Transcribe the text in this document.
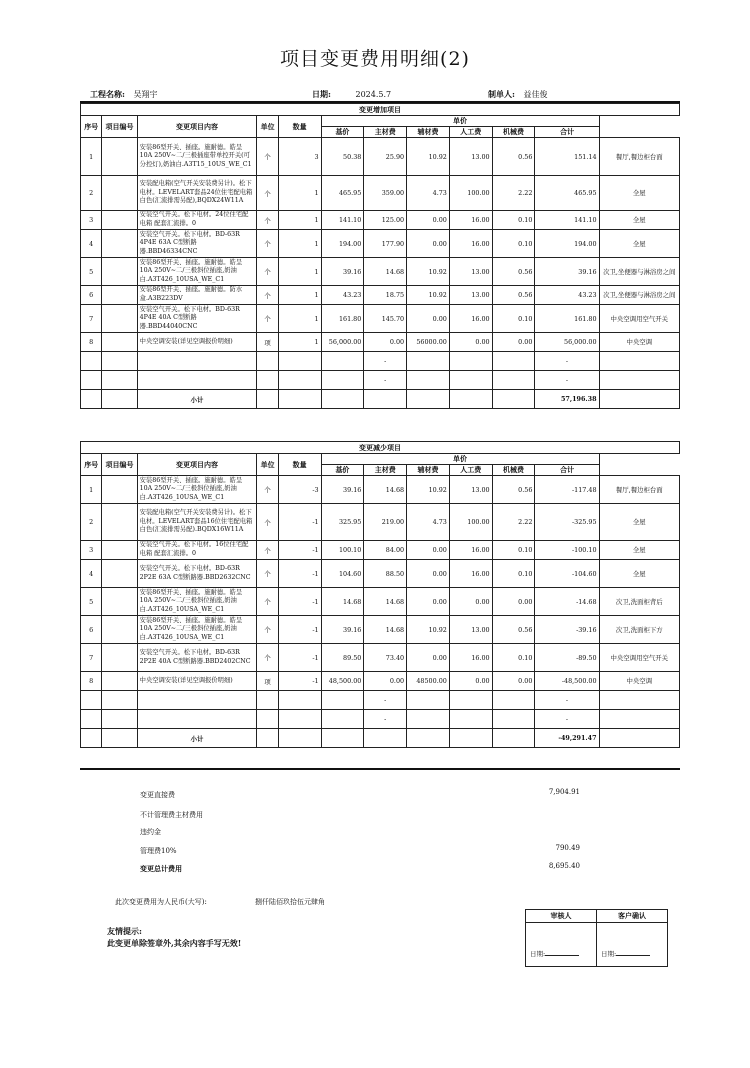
项目变更费用明细(2)
工程名称: 吴翔宇	日期:	2024.5.7	制单人: 益佳俊
变更增加项目											
序号	项目编号	变更项目内容	单位	数量	单价						
					基价	主材费	辅材费	人工费	机械费	合计	
1		安装86型开关、插座。施耐德。皓呈10A 250V~二/三极插座带单控开关(可分控灯),奶油白.A3T15_10US_WE_C1	个	3	50.38	25.90	10.92	13.00	0.56	151.14	餐厅,餐边柜台面
2		安装配电箱(空气开关安装费另计)。松下电材。LEVELART套品24位住宅配电箱 白色(汇流排需另配),BQDX24W11A	个	1	465.95	359.00	4.73	100.00	2.22	465.95	全屋
3		安装空气开关。松下电材。24位住宅配电箱 配套汇流排。0	个	1	141.10	125.00	0.00	16.00	0.10	141.10	全屋
4		安装空气开关。松下电材。BD-63R 4P4E 63A C型断路器.BBD46334CNC	个	1	194.00	177.90	0.00	16.00	0.10	194.00	全屋
5		安装86型开关、插座。施耐德。皓呈10A 250V~二/三极斜位插座,奶油白.A3T426_10USA_WE_C1	个	1	39.16	14.68	10.92	13.00	0.56	39.16	次卫,坐便器与淋浴房之间
6		安装86型开关、插座。施耐德。防水盒.A3B223DV	个	1	43.23	18.75	10.92	13.00	0.56	43.23	次卫,坐便器与淋浴房之间
7		安装空气开关。松下电材。BD-63R 4P4E 40A C型断路器.BBD44040CNC	个	1	161.80	145.70	0.00	16.00	0.10	161.80	中央空调用空气开关
8		中央空调安装(详见空调报价明细)	项	1	56,000.00	0.00	56000.00	0.00	0.00	56,000.00	中央空调
						-				-	
						-				-	
		小计								57,196.38	
变更减少项目											
序号	项目编号	变更项目内容	单位	数量	单价						
					基价	主材费	辅材费	人工费	机械费	合计	
1		安装86型开关、插座。施耐德。皓呈10A 250V~二/三极斜位插座,奶油白.A3T426_10USA_WE_C1	个	-3	39.16	14.68	10.92	13.00	0.56	-117.48	餐厅,餐边柜台面
2		安装配电箱(空气开关安装费另计)。松下电材。LEVELART套品16位住宅配电箱 白色(汇流排需另配).BQDX16W11A	个	-1	325.95	219.00	4.73	100.00	2.22	-325.95	全屋
3		安装空气开关。松下电材。16位住宅配电箱 配套汇流排。0	个	-1	100.10	84.00	0.00	16.00	0.10	-100.10	全屋
4		安装空气开关。松下电材。BD-63R 2P2E 63A C型断路器.BBD2632CNC	个	-1	104.60	88.50	0.00	16.00	0.10	-104.60	全屋
5		安装86型开关、插座。施耐德。皓呈10A 250V~二/三极斜位插座,奶油白.A3T426_10USA_WE_C1	个	-1	14.68	14.68	0.00	0.00	0.00	-14.68	次卫,洗面柜背后
6		安装86型开关、插座。施耐德。皓呈10A 250V~二/三极斜位插座,奶油白.A3T426_10USA_WE_C1	个	-1	39.16	14.68	10.92	13.00	0.56	-39.16	次卫,洗面柜下方
7		安装空气开关。松下电材。BD-63R 2P2E 40A C型断路器.BBD2402CNC	个	-1	89.50	73.40	0.00	16.00	0.10	-89.50	中央空调用空气开关
8		中央空调安装(详见空调报价明细)	项	-1	48,500.00	0.00	48500.00	0.00	0.00	-48,500.00	中央空调
						-				-	
						-				-	
		小计								-49,291.47	
变更直接费	7,904.91
不计管理费主材费用
违约金
管理费10%	790.49
变更总计费用	8,695.40
此次变更费用为人民币(大写):	捌仟陆佰玖拾伍元肆角
友情提示:
此变更单除签章外,其余内容手写无效!
审核人
日期:
客户确认
日期:
